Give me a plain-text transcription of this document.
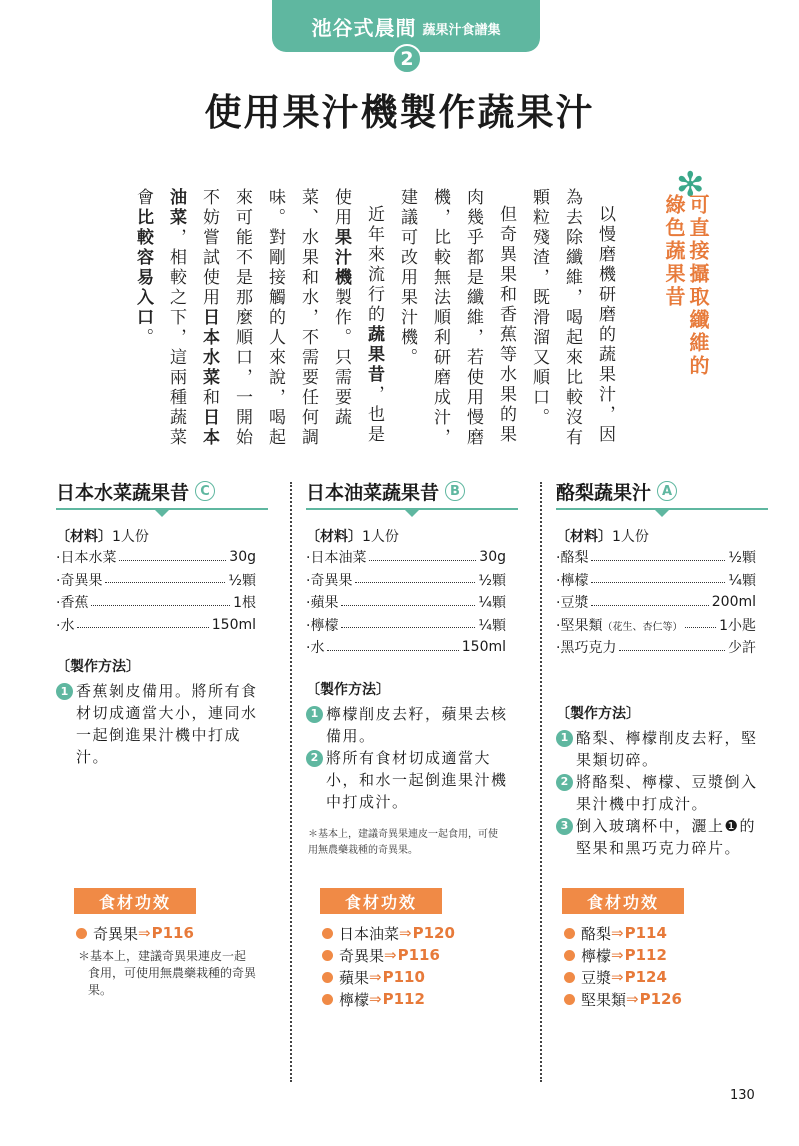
池谷式晨間 蔬果汁食譜集
2
使用果汁機製作蔬果汁
✻
可直接攝取纖維的
綠色蔬果昔
以慢磨機研磨的蔬果汁，因
為去除纖維，喝起來比較沒有
顆粒殘渣，既滑溜又順口。
但奇異果和香蕉等水果的果
肉幾乎都是纖維，若使用慢磨
機，比較無法順利研磨成汁，
建議可改用果汁機。
近年來流行的蔬果昔，也是
使用果汁機製作。只需要蔬
菜、水果和水，不需要任何調
味。對剛接觸的人來說，喝起
來可能不是那麼順口，一開始
不妨嘗試使用日本水菜和日本
油菜，相較之下，這兩種蔬菜
會比較容易入口。
酪梨蔬果汁 A
〔材料〕1人份
·酪梨	½顆
·檸檬	¼顆
·豆漿	200ml
·堅果類（花生、杏仁等）	1小匙
·黑巧克力	少許
〔製作方法〕
1 酪梨、檸檬削皮去籽，堅果類切碎。
2 將酪梨、檸檬、豆漿倒入果汁機中打成汁。
3 倒入玻璃杯中，灑上❶的堅果和黑巧克力碎片。
日本油菜蔬果昔 B
〔材料〕1人份
·日本油菜	30g
·奇異果	½顆
·蘋果	¼顆
·檸檬	¼顆
·水	150ml
〔製作方法〕
1 檸檬削皮去籽，蘋果去核備用。
2 將所有食材切成適當大小，和水一起倒進果汁機中打成汁。
＊基本上，建議奇異果連皮一起食用，可使用無農藥栽種的奇異果。
日本水菜蔬果昔 C
〔材料〕1人份
·日本水菜	30g
·奇異果	½顆
·香蕉	1根
·水	150ml
〔製作方法〕
1 香蕉剝皮備用。將所有食材切成適當大小，連同水一起倒進果汁機中打成汁。
食材功效
食材功效
食材功效
酪梨 ⇒ P114
檸檬 ⇒ P112
豆漿 ⇒ P124
堅果類 ⇒ P126
日本油菜 ⇒ P120
奇異果 ⇒ P116
蘋果 ⇒ P110
檸檬 ⇒ P112
奇異果 ⇒ P116
＊基本上，建議奇異果連皮一起食用，可使用無農藥栽種的奇異果。
130
